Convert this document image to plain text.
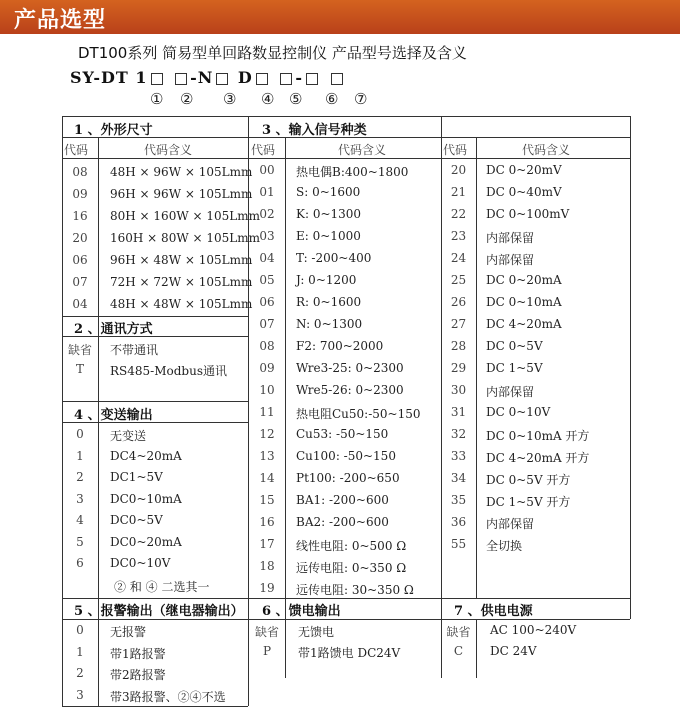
产品选型
DT100系列 简易型单回路数显控制仪 产品型号选择及含义
SY-DT 1	-N D	-
① ② ③ ④ ⑤ ⑥ ⑦
1 、外形尺寸
代码	代码含义
08	48H × 96W × 105Lmm
09	96H × 96W × 105Lmm
16	80H × 160W × 105Lmm
20	160H × 80W × 105Lmm
06	96H × 48W × 105Lmm
07	72H × 72W × 105Lmm
04	48H × 48W × 105Lmm
2 、通讯方式
缺省	不带通讯
T	RS485-Modbus通讯
4 、变送输出
0	无变送
1	DC4~20mA
2	DC1~5V
3	DC0~10mA
4	DC0~5V
5	DC0~20mA
6	DC0~10V
② 和 ④ 二选其一
3 、输入信号种类
代码	代码含义	代码	代码含义
00	热电偶B:400~1800
01	S: 0~1600
02	K: 0~1300
03	E: 0~1000
04	T: -200~400
05	J: 0~1200
06	R: 0~1600
07	N: 0~1300
08	F2: 700~2000
09	Wre3-25: 0~2300
10	Wre5-26: 0~2300
11	热电阻Cu50:-50~150
12	Cu53: -50~150
13	Cu100: -50~150
14	Pt100: -200~650
15	BA1: -200~600
16	BA2: -200~600
17	线性电阻: 0~500 Ω
18	远传电阻: 0~350 Ω
19	远传电阻: 30~350 Ω
20	DC 0~20mV
21	DC 0~40mV
22	DC 0~100mV
23	内部保留
24	内部保留
25	DC 0~20mA
26	DC 0~10mA
27	DC 4~20mA
28	DC 0~5V
29	DC 1~5V
30	内部保留
31	DC 0~10V
32	DC 0~10mA 开方
33	DC 4~20mA 开方
34	DC 0~5V 开方
35	DC 1~5V 开方
36	内部保留
55	全切换
5 、报警输出（继电器输出）
0	无报警
1	带1路报警
2	带2路报警
3	带3路报警、②④不选
6 、馈电输出
缺省	无馈电
P	带1路馈电 DC24V
7 、供电电源
缺省	AC 100~240V
C	DC 24V
